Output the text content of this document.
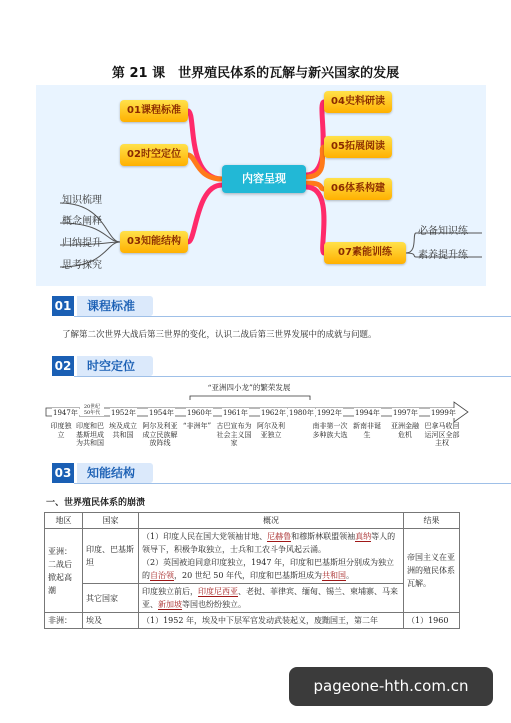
第 21 课　世界殖民体系的瓦解与新兴国家的发展
01课程标准
02时空定位
03知能结构
内容呈现
04史料研读
05拓展阅读
06体系构建
07素能训练
知识梳理
概念阐释
归纳提升
思考探究
必备知识练
素养提升练
01	课程标准
了解第二次世界大战后第三世界的变化，认识二战后第三世界发展中的成就与问题。
02	时空定位
“亚洲四小龙”的繁荣发展
1947年
20世纪50年代	1952年 1954年 1960年 1961年 1962年 1980年 1992年 1994年 1997年 1999年
印度独立
印度和巴基斯坦成为共和国
埃及成立共和国
阿尔及利亚成立民族解放阵线
“非洲年” 古巴宣布为社会主义国家
阿尔及利亚独立
南非第一次多种族大选
新南非诞生
亚洲金融危机
巴拿马收回运河区全部主权
03	知能结构
一、世界殖民体系的崩溃
地区	国家	概况	结果
亚洲：二战后掀起高潮	印度、巴基斯坦	（1）印度人民在国大党领袖甘地、尼赫鲁和穆斯林联盟领袖真纳等人的领导下，积极争取独立，士兵和工农斗争风起云涌。
（2）英国被迫同意印度独立，1947 年，印度和巴基斯坦分别成为独立的自治领，20 世纪 50 年代，印度和巴基斯坦成为共和国。	帝国主义在亚洲的殖民体系瓦解。
	其它国家	印度独立前后，印度尼西亚、老挝、菲律宾、缅甸、锡兰、柬埔寨、马来亚、新加坡等国也纷纷独立。	
非洲：	埃及	（1）1952 年，埃及中下层军官发动武装起义，废黜国王，第二年	（1）1960
pageone-hth.com.cn
